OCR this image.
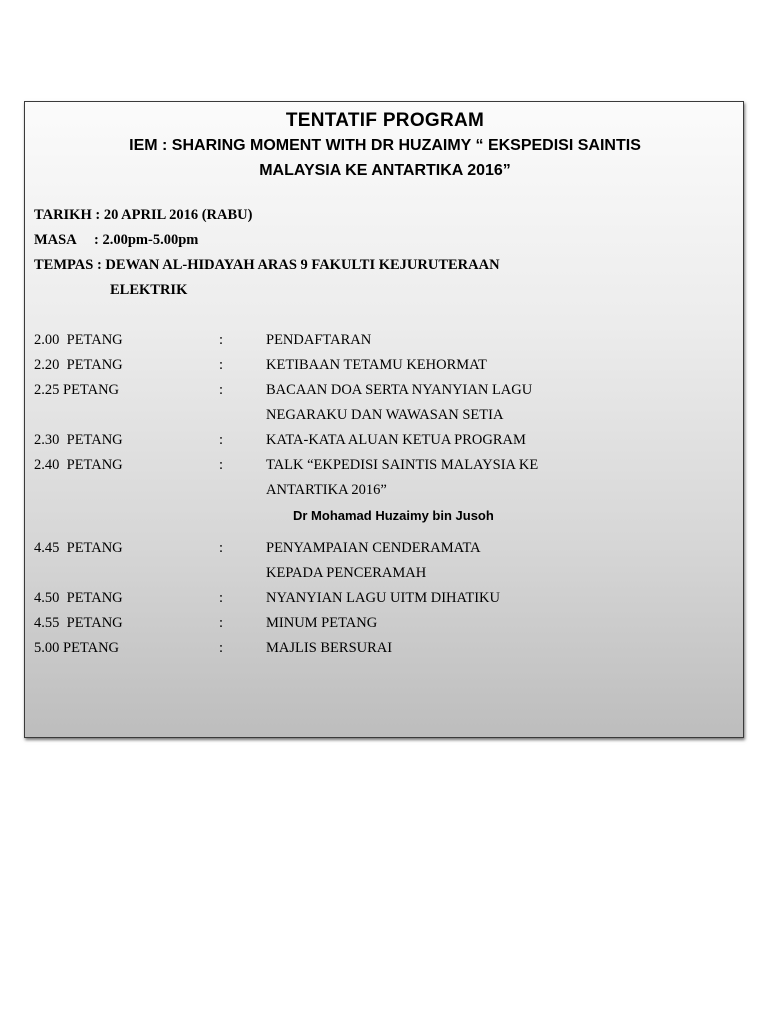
TENTATIF PROGRAM
IEM : SHARING MOMENT WITH DR HUZAIMY “ EKSPEDISI SAINTIS
MALAYSIA KE ANTARTIKA 2016”
TARIKH : 20 APRIL 2016 (RABU)
MASA     : 2.00pm-5.00pm
TEMPAS : DEWAN AL-HIDAYAH ARAS 9 FAKULTI KEJURUTERAAN
ELEKTRIK
2.00  PETANG	:	PENDAFTARAN
2.20  PETANG	:	KETIBAAN TETAMU KEHORMAT
2.25 PETANG	:	BACAAN DOA SERTA NYANYIAN LAGU
NEGARAKU DAN WAWASAN SETIA
2.30  PETANG	:	KATA-KATA ALUAN KETUA PROGRAM
2.40  PETANG	:	TALK “EKPEDISI SAINTIS MALAYSIA KE
ANTARTIKA 2016”
Dr Mohamad Huzaimy bin Jusoh
4.45  PETANG	:	PENYAMPAIAN CENDERAMATA
KEPADA PENCERAMAH
4.50  PETANG	:	NYANYIAN LAGU UITM DIHATIKU
4.55  PETANG	:	MINUM PETANG
5.00 PETANG	:	MAJLIS BERSURAI
